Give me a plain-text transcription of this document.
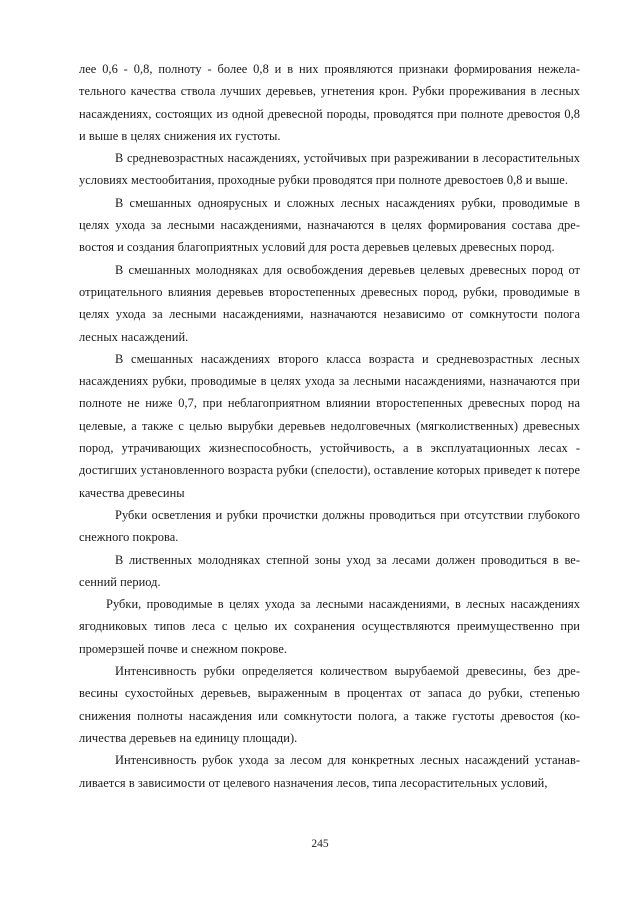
лее 0,6 - 0,8, полноту - более 0,8 и в них проявляются признаки формирования нежелательного качества ствола лучших деревьев, угнетения крон. Рубки прореживания в лесных насаждениях, состоящих из одной древесной породы, проводятся при полноте древостоя 0,8 и выше в целях снижения их густоты.

В средневозрастных насаждениях, устойчивых при разреживании в лесорастительных условиях местообитания, проходные рубки проводятся при полноте древостоев 0,8 и выше.

В смешанных одноярусных и сложных лесных насаждениях рубки, проводимые в целях ухода за лесными насаждениями, назначаются в целях формирования состава древостоя и создания благоприятных условий для роста деревьев целевых древесных пород.

В смешанных молодняках для освобождения деревьев целевых древесных пород от отрицательного влияния деревьев второстепенных древесных пород, рубки, проводимые в целях ухода за лесными насаждениями, назначаются независимо от сомкнутости полога лесных насаждений.

В смешанных насаждениях второго класса возраста и средневозрастных лесных насаждениях рубки, проводимые в целях ухода за лесными насаждениями, назначаются при полноте не ниже 0,7, при неблагоприятном влиянии второстепенных древесных пород на целевые, а также с целью вырубки деревьев недолговечных (мягколиственных) древесных пород, утрачивающих жизнеспособность, устойчивость, а в эксплуатационных лесах - достигших установленного возраста рубки (спелости), оставление которых приведет к потере качества древесины

Рубки осветления и рубки прочистки должны проводиться при отсутствии глубокого снежного покрова.

В лиственных молодняках степной зоны уход за лесами должен проводиться в весенний период.

Рубки, проводимые в целях ухода за лесными насаждениями, в лесных насаждениях ягодниковых типов леса с целью их сохранения осуществляются преимущественно при промерзшей почве и снежном покрове.

Интенсивность рубки определяется количеством вырубаемой древесины, без древесины сухостойных деревьев, выраженным в процентах от запаса до рубки, степенью снижения полноты насаждения или сомкнутости полога, а также густоты древостоя (количества деревьев на единицу площади).

Интенсивность рубок ухода за лесом для конкретных лесных насаждений устанавливается в зависимости от целевого назначения лесов, типа лесорастительных условий,

245
